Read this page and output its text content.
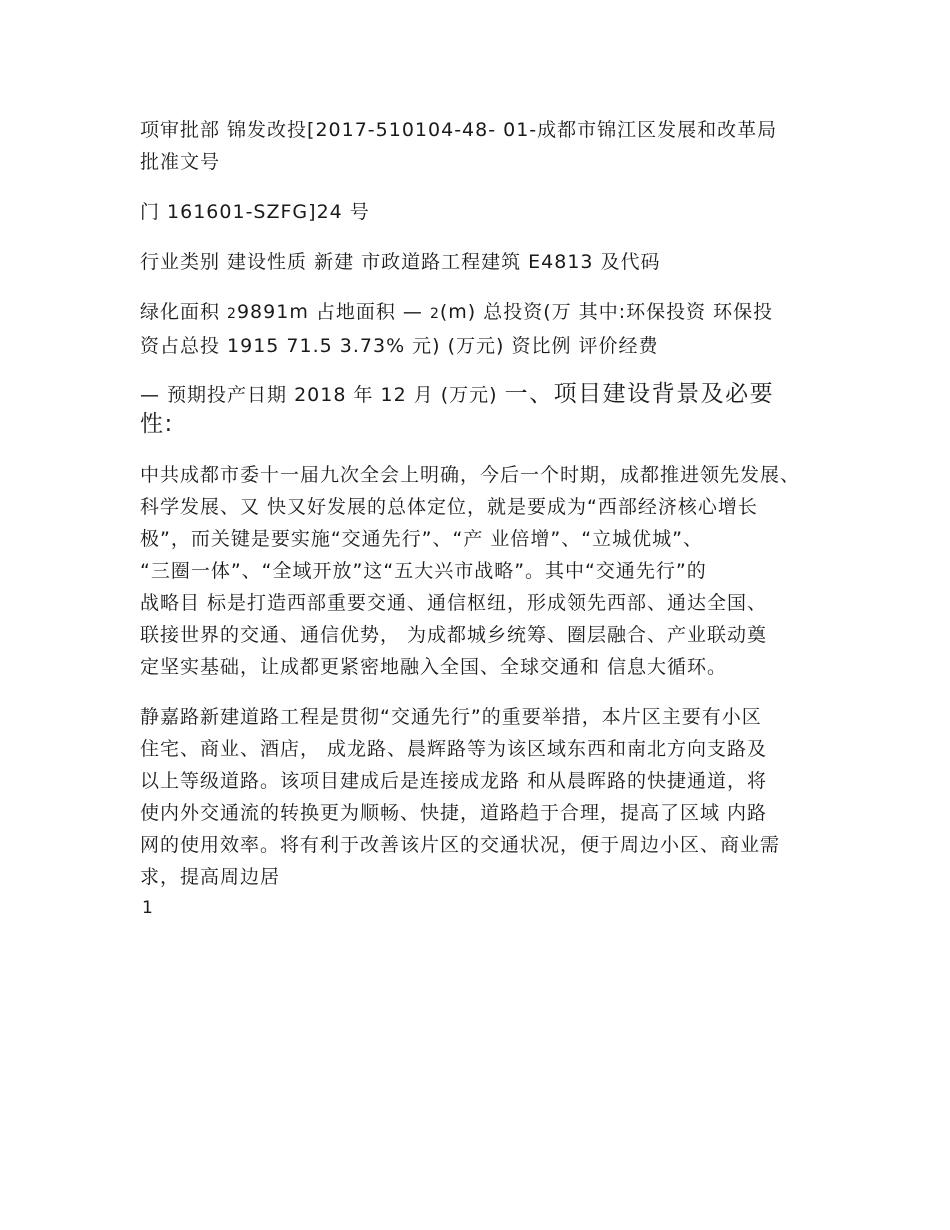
项审批部 锦发改投[2017-510104-48- 01-成都市锦江区发展和改革局
批准文号

门 161601-SZFG]24 号

行业类别 建设性质 新建 市政道路工程建筑 E4813 及代码

绿化面积 29891m 占地面积 — 2(m) 总投资(万 其中:环保投资 环保投
资占总投 1915 71.5 3.73% 元) (万元) 资比例 评价经费

— 预期投产日期 2018 年 12 月 (万元) 一、项目建设背景及必要
性:

中共成都市委十一届九次全会上明确，今后一个时期，成都推进领先发展、
科学发展、又 快又好发展的总体定位，就是要成为“西部经济核心增长
极”，而关键是要实施“交通先行”、“产 业倍增”、“立城优城”、
“三圈一体”、“全域开放”这“五大兴市战略”。其中“交通先行”的
战略目 标是打造西部重要交通、通信枢纽，形成领先西部、通达全国、
联接世界的交通、通信优势， 为成都城乡统筹、圈层融合、产业联动奠
定坚实基础，让成都更紧密地融入全国、全球交通和 信息大循环。

静嘉路新建道路工程是贯彻“交通先行”的重要举措，本片区主要有小区
住宅、商业、酒店， 成龙路、晨辉路等为该区域东西和南北方向支路及
以上等级道路。该项目建成后是连接成龙路 和从晨晖路的快捷通道，将
使内外交通流的转换更为顺畅、快捷，道路趋于合理，提高了区域 内路
网的使用效率。将有利于改善该片区的交通状况，便于周边小区、商业需
求，提高周边居

1
